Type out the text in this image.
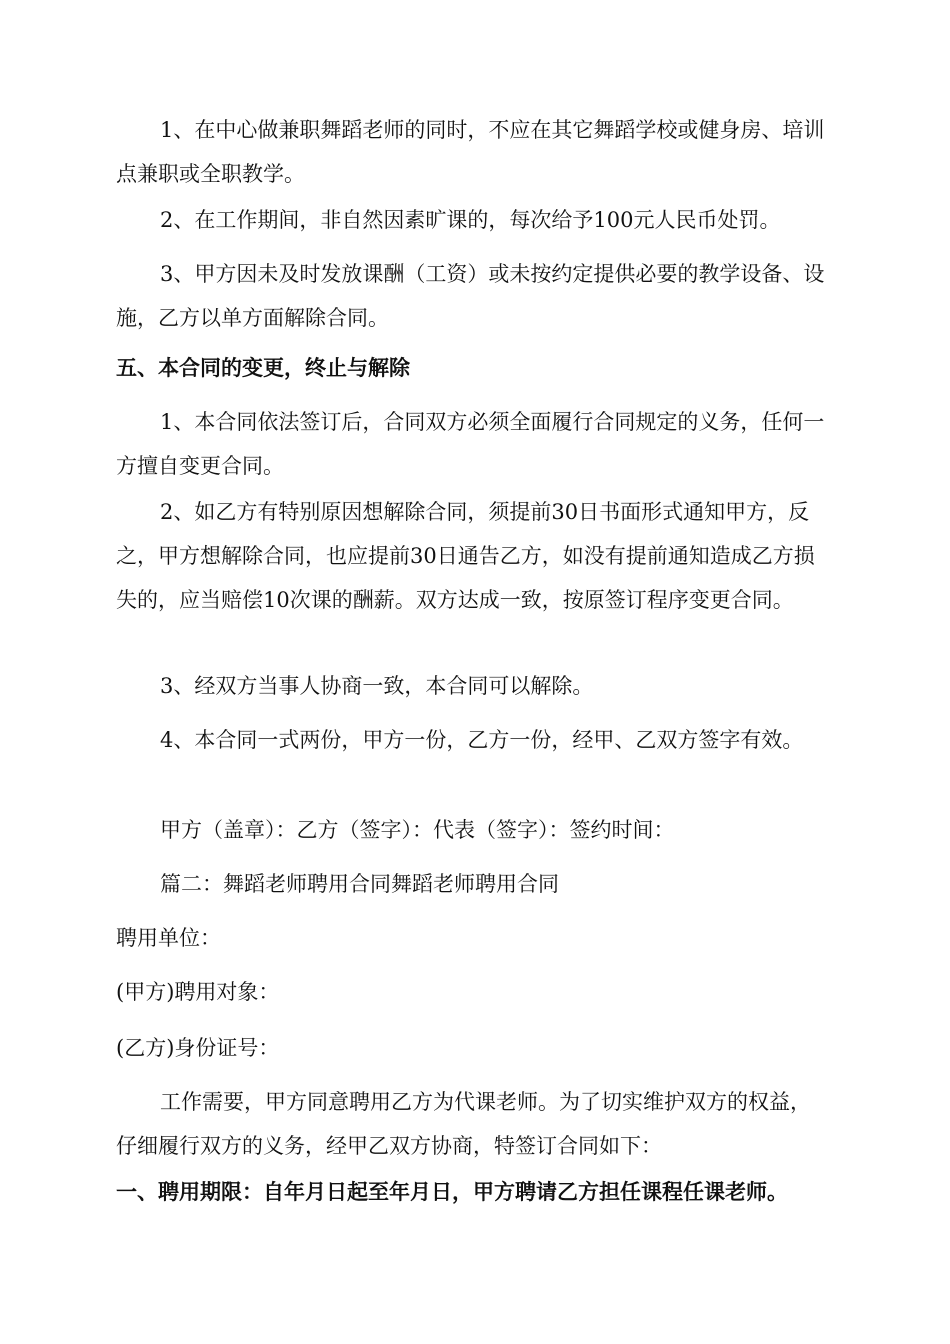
1、在中心做兼职舞蹈老师的同时，不应在其它舞蹈学校或健身房、培训点兼职或全职教学。

2、在工作期间，非自然因素旷课的，每次给予100元人民币处罚。

3、甲方因未及时发放课酬（工资）或未按约定提供必要的教学设备、设施，乙方以单方面解除合同。

五、本合同的变更，终止与解除

1、本合同依法签订后，合同双方必须全面履行合同规定的义务，任何一方擅自变更合同。

2、如乙方有特别原因想解除合同，须提前30日书面形式通知甲方，反之，甲方想解除合同，也应提前30日通告乙方，如没有提前通知造成乙方损失的，应当赔偿10次课的酬薪。双方达成一致，按原签订程序变更合同。

3、经双方当事人协商一致，本合同可以解除。

4、本合同一式两份，甲方一份，乙方一份，经甲、乙双方签字有效。

甲方（盖章）：乙方（签字）：代表（签字）：签约时间：

篇二：舞蹈老师聘用合同舞蹈老师聘用合同

聘用单位：

(甲方)聘用对象：

(乙方)身份证号：

工作需要，甲方同意聘用乙方为代课老师。为了切实维护双方的权益，仔细履行双方的义务，经甲乙双方协商，特签订合同如下：

一、聘用期限：自年月日起至年月日，甲方聘请乙方担任课程任课老师。
